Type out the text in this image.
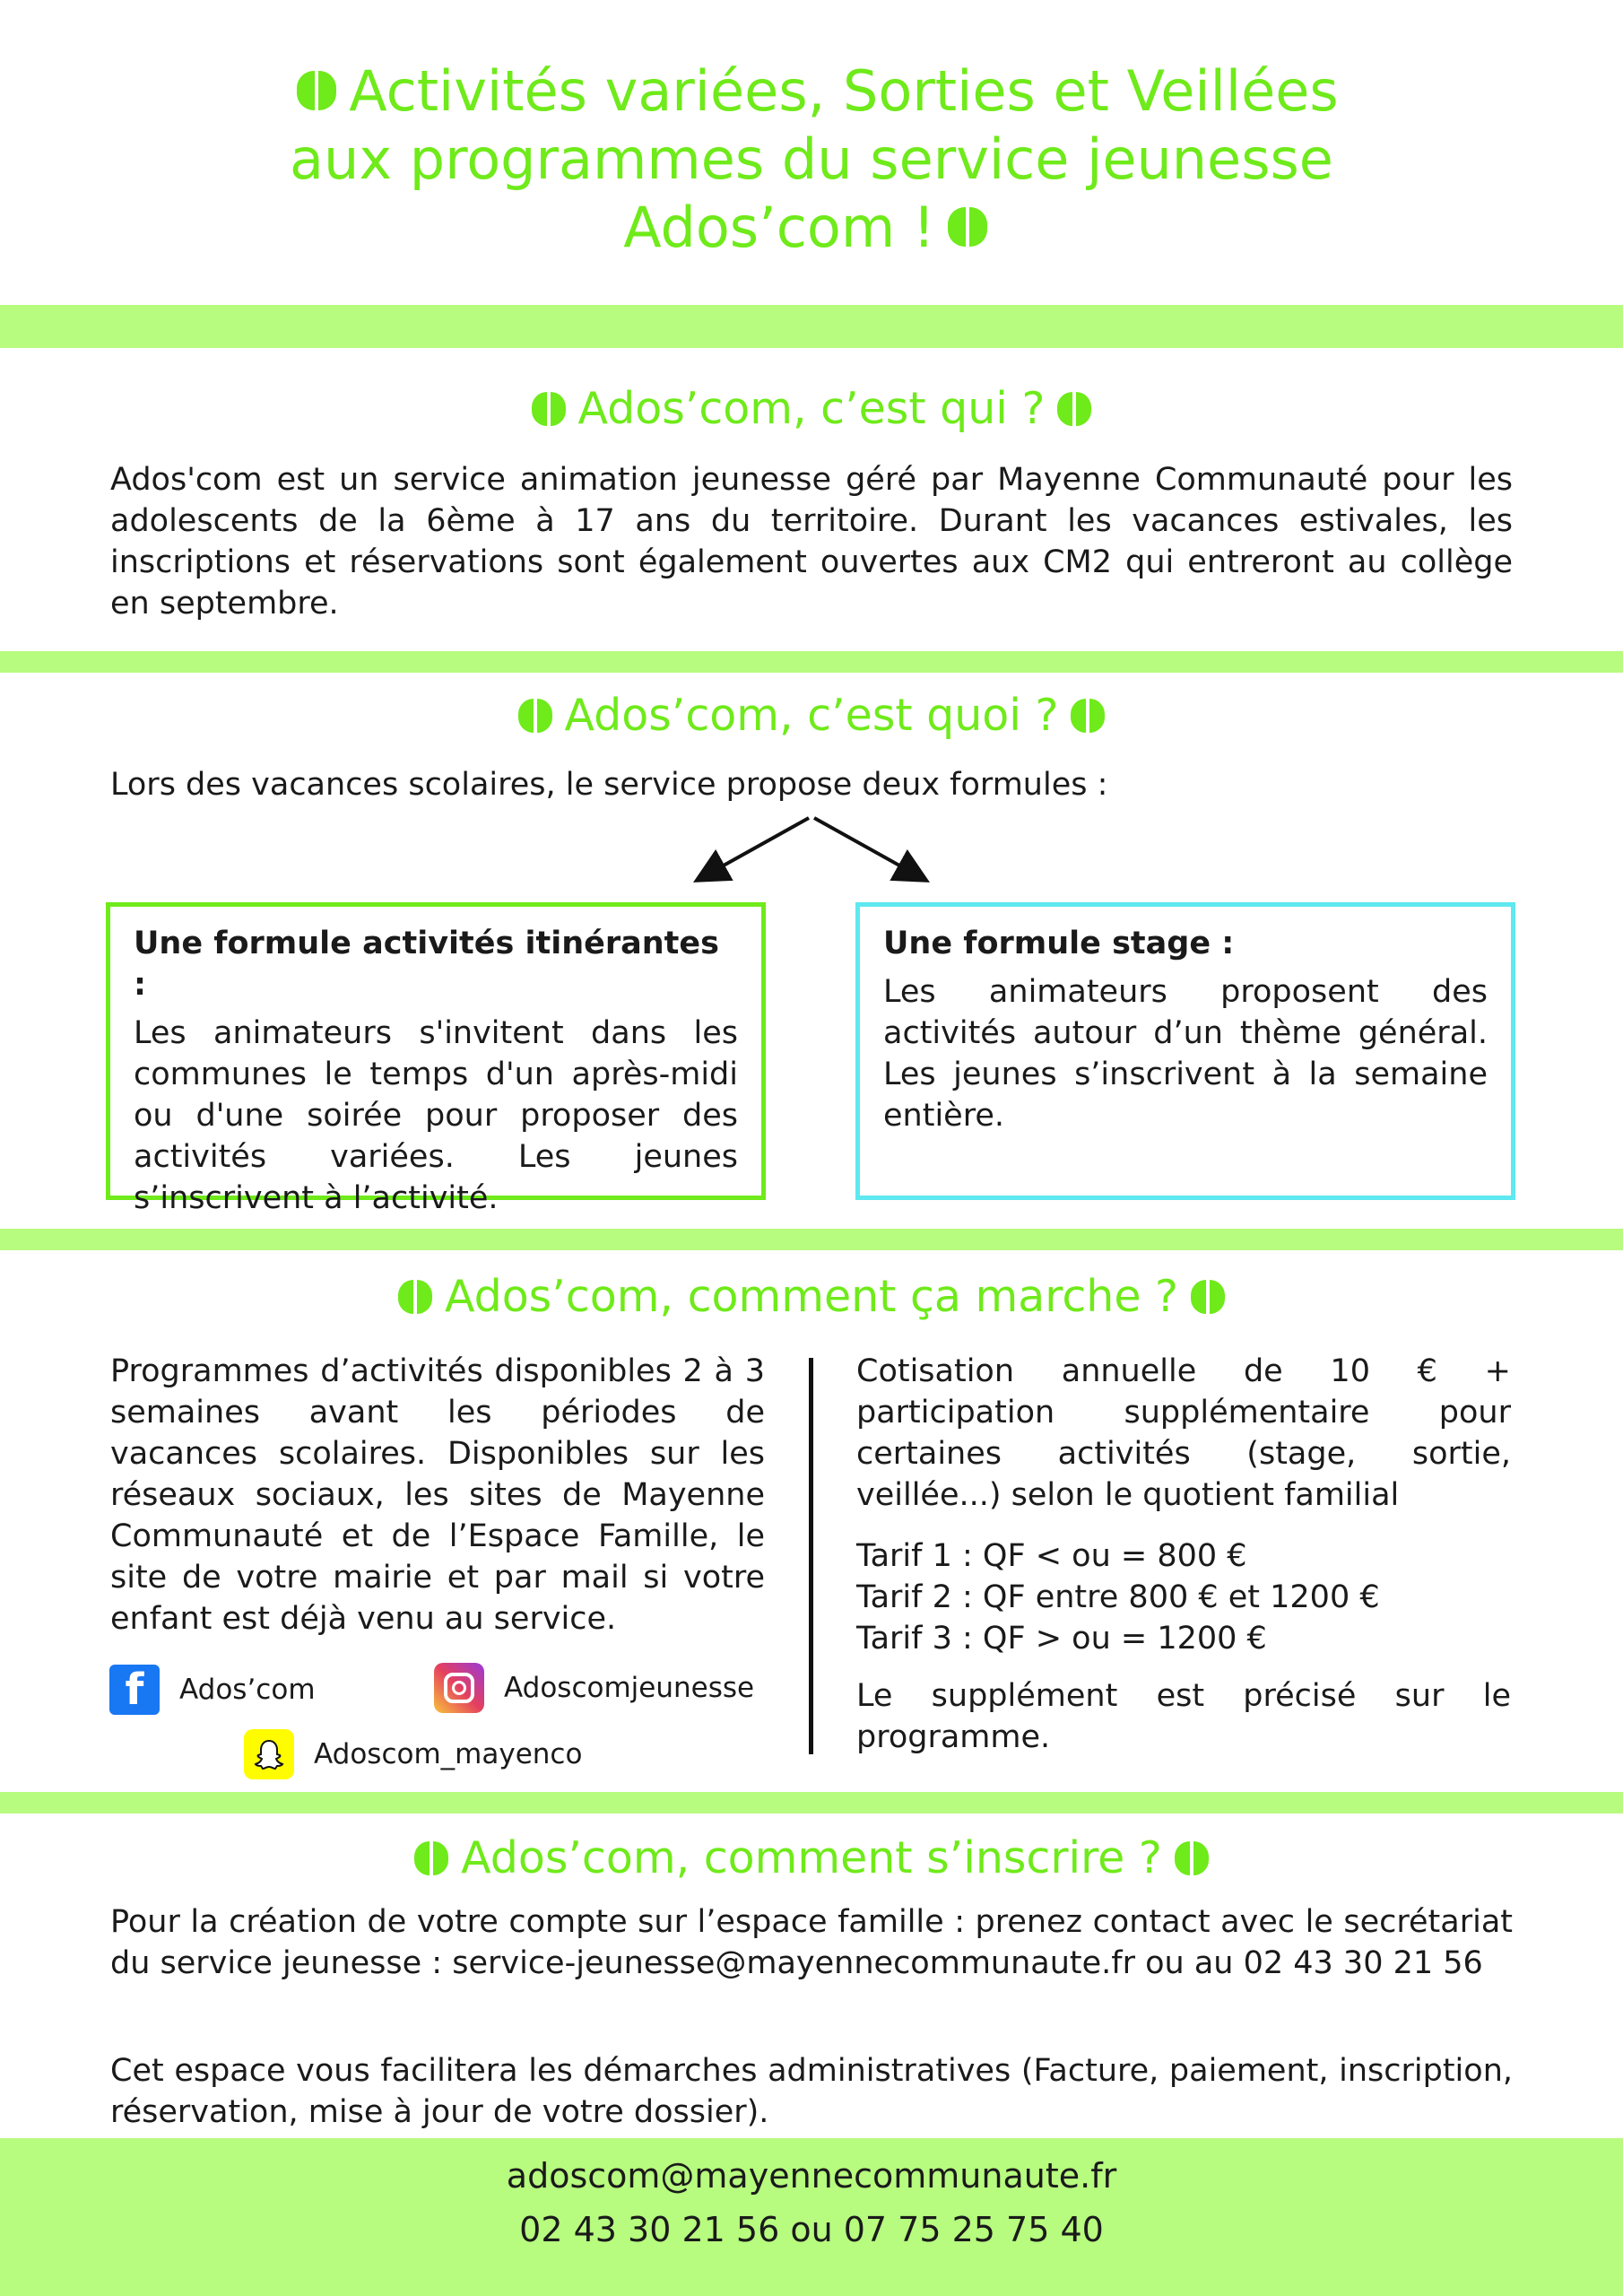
Activités variées, Sorties et Veillées
aux programmes du service jeunesse
Ados’com !
Ados’com, c’est qui ?
Ados'com est un service animation jeunesse géré par Mayenne Communauté pour les adolescents de la 6ème à 17 ans du territoire. Durant les vacances estivales, les inscriptions et réservations sont également ouvertes aux CM2 qui entreront au collège en septembre.
Ados’com, c’est quoi ?
Lors des vacances scolaires, le service propose deux formules :
Une formule activités itinérantes :

Les animateurs s'invitent dans les communes le temps d'un après-midi ou d'une soirée pour proposer des activités variées. Les jeunes s’inscrivent à l’activité.

Une formule stage :

Les animateurs proposent des activités autour d’un thème général. Les jeunes s’inscrivent à la semaine entière.

Ados’com, comment ça marche ?
Programmes d’activités disponibles 2 à 3 semaines avant les périodes de vacances scolaires. Disponibles sur les réseaux sociaux, les sites de Mayenne Communauté et de l’Espace Famille, le site de votre mairie et par mail si votre enfant est déjà venu au service.
f	Ados’com	Adoscomjeunesse
Adoscom_mayenco
Cotisation annuelle de 10 € + participation supplémentaire pour certaines activités (stage, sortie, veillée...) selon le quotient familial
Tarif 1 : QF < ou = 800 €
Tarif 2 : QF entre 800 € et 1200 €
Tarif 3 : QF > ou = 1200 €
Le supplément est précisé sur le programme.
Ados’com, comment s’inscrire ?
Pour la création de votre compte sur l’espace famille : prenez contact avec le secrétariat du service jeunesse : service-jeunesse@mayennecommunaute.fr ou au 02 43 30 21 56
Cet espace vous facilitera les démarches administratives (Facture, paiement, inscription, réservation, mise à jour de votre dossier).
adoscom@mayennecommunaute.fr
02 43 30 21 56 ou 07 75 25 75 40
